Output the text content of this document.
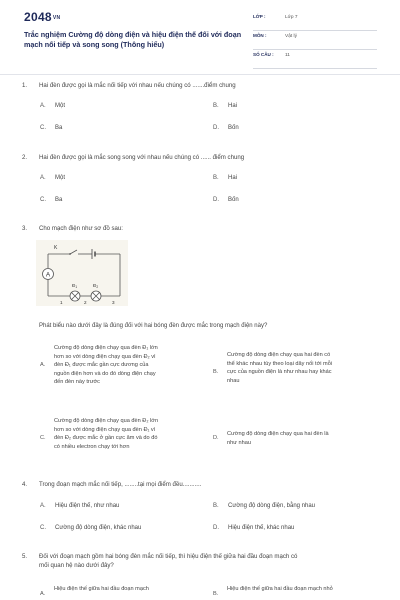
2048VN
Trắc nghiệm Cường độ dòng điện và hiệu điện thế đối với đoạn mạch nối tiếp và song song (Thông hiểu)
LỚP :	Lớp 7
MÔN :	Vật lý
SỐ CÂU :	11
1. Hai đèn được gọi là mắc nối tiếp với nhau nếu chúng có .......điểm chung
A. Một	B. Hai
C. Ba	D. Bốn
2. Hai đèn được gọi là mắc song song với nhau nếu chúng có ...... điểm chung
A. Một	B. Hai
C. Ba	D. Bốn
3. Cho mạch điện như sơ đồ sau:
A
K
$Đ_1$	$Đ_2$
1	2	3
Phát biểu nào dưới đây là đúng đối với hai bóng đèn được mắc trong mạch điện này?
A.
Cường độ dòng điện chạy qua đèn Đ₁ lớn
hơn so với dòng điện chạy qua đèn Đ₂ vì
đèn Đ₁ được mắc gần cực dương của
nguồn điện hơn và do đó dòng điện chạy
đến đèn này trước
B.
Cường độ dòng điện chạy qua hai đèn có
thể khác nhau tùy theo loại dây nối tới mỗi
cực của nguồn điện là như nhau hay khác
nhau
C.
Cường độ dòng điện chạy qua đèn Đ₂ lớn
hơn so với dòng điện chạy qua đèn Đ₁ vì
đèn Đ₂ được mắc ở gần cực âm và do đó
có nhiều electron chạy tới hơn
D.
Cường độ dòng điện chạy qua hai đèn là
như nhau
4. Trong đoạn mạch mắc nối tiếp, ........tại mọi điểm đều...........
A. Hiệu điện thế, như nhau	B. Cường độ dòng điện, bằng nhau
C. Cường độ dòng điện, khác nhau	D. Hiệu điện thế, khác nhau
5. Đối với đoạn mạch gồm hai bóng đèn mắc nối tiếp, thì hiệu điện thế giữa hai đầu đoạn mạch có
mối quan hệ nào dưới đây?
A.
Hiệu điện thế giữa hai đầu đoạn mạch
B.
Hiệu điện thế giữa hai đầu đoạn mạch nhỏ
